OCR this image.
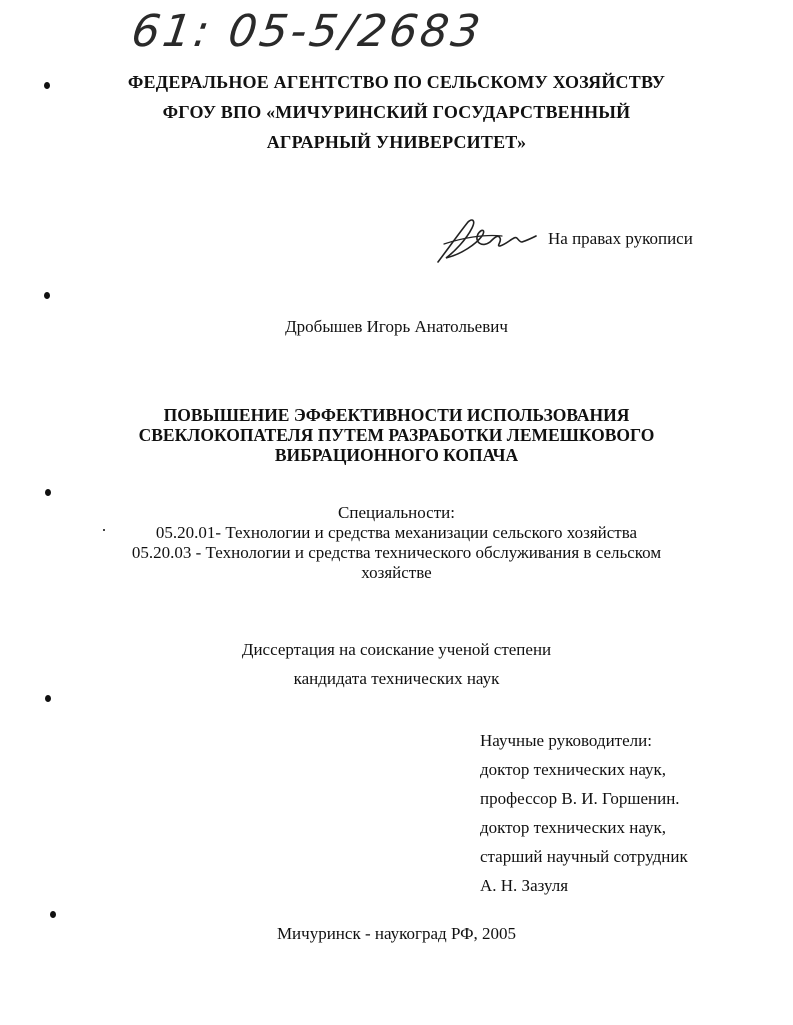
61: 05-5/2683
ФЕДЕРАЛЬНОЕ АГЕНТСТВО ПО СЕЛЬСКОМУ ХОЗЯЙСТВУ
ФГОУ ВПО «МИЧУРИНСКИЙ ГОСУДАРСТВЕННЫЙ
АГРАРНЫЙ УНИВЕРСИТЕТ»
На правах рукописи
Дробышев Игорь Анатольевич
ПОВЫШЕНИЕ ЭФФЕКТИВНОСТИ ИСПОЛЬЗОВАНИЯ
СВЕКЛОКОПАТЕЛЯ ПУТЕМ РАЗРАБОТКИ ЛЕМЕШКОВОГО
ВИБРАЦИОННОГО КОПАЧА
Специальности:
05.20.01- Технологии и средства механизации сельского хозяйства
05.20.03 - Технологии и средства технического обслуживания в сельском
хозяйстве
Диссертация на соискание ученой степени
кандидата технических наук
Научные руководители:
доктор технических наук,
профессор В. И. Горшенин.
доктор технических наук,
старший научный сотрудник
А. Н. Зазуля
Мичуринск - наукоград РФ, 2005
